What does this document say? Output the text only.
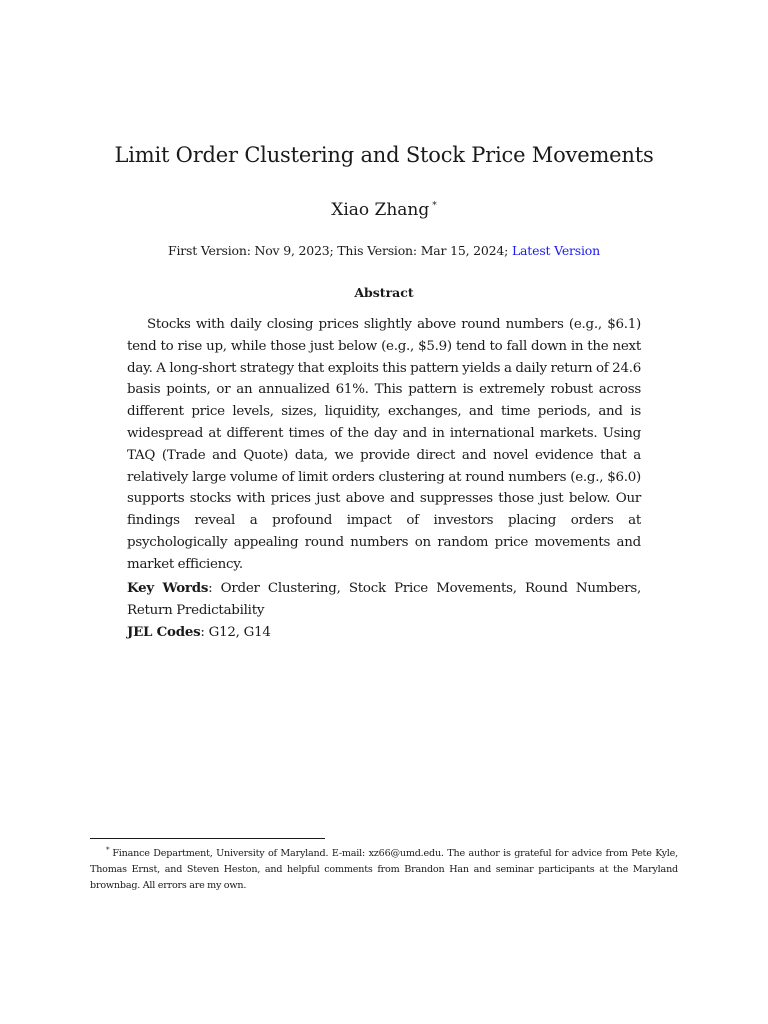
Limit Order Clustering and Stock Price Movements
Xiao Zhang *
First Version: Nov 9, 2023; This Version: Mar 15, 2024; Latest Version
Abstract

Stocks with daily closing prices slightly above round numbers (e.g., $6.1) tend to rise up, while those just below (e.g., $5.9) tend to fall down in the next day. A long-short strategy that exploits this pattern yields a daily return of 24.6 basis points, or an annualized 61%. This pattern is extremely robust across different price levels, sizes, liquidity, exchanges, and time periods, and is widespread at different times of the day and in international markets. Using TAQ (Trade and Quote) data, we provide direct and novel evidence that a relatively large volume of limit orders clustering at round numbers (e.g., $6.0) supports stocks with prices just above and suppresses those just below. Our findings reveal a profound impact of investors placing orders at psychologically appealing round numbers on random price movements and market efficiency.

Key Words: Order Clustering, Stock Price Movements, Round Numbers, Return Predictability

JEL Codes: G12, G14

* Finance Department, University of Maryland. E-mail: xz66@umd.edu. The author is grateful for advice from Pete Kyle, Thomas Ernst, and Steven Heston, and helpful comments from Brandon Han and seminar participants at the Maryland brownbag. All errors are my own.
